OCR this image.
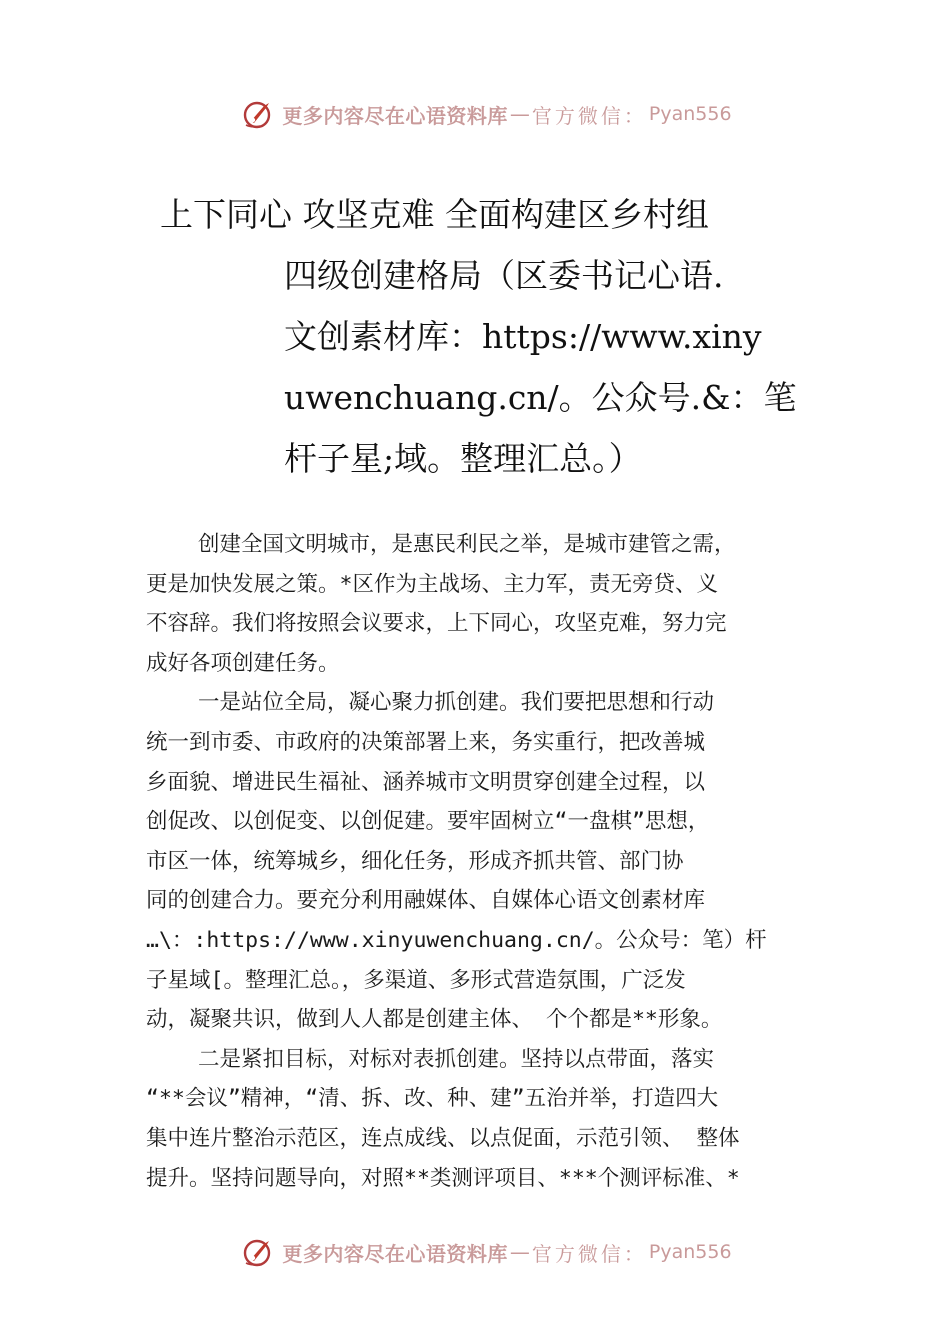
更多内容尽在心语资料库 — 官方微信： Pyan556
上下同心 攻坚克难 全面构建区乡村组
四级创建格局（区委书记心语.
文创素材库：https://www.xiny
uwenchuang.cn/。公众号.&：笔
杆子星;域。整理汇总。）
创建全国文明城市，是惠民利民之举，是城市建管之需，
更是加快发展之策。*区作为主战场、主力军，责无旁贷、义
不容辞。我们将按照会议要求，上下同心，攻坚克难，努力完
成好各项创建任务。
一是站位全局，凝心聚力抓创建。我们要把思想和行动
统一到市委、市政府的决策部署上来，务实重行，把改善城
乡面貌、增进民生福祉、涵养城市文明贯穿创建全过程，以
创促改、以创促变、以创促建。要牢固树立“一盘棋”思想，
市区一体，统筹城乡，细化任务，形成齐抓共管、部门协
同的创建合力。要充分利用融媒体、自媒体心语文创素材库
…\：:https://www.xinyuwenchuang.cn/。公众号：笔）杆
子星域[。整理汇总。，多渠道、多形式营造氛围，广泛发
动，凝聚共识，做到人人都是创建主体、 个个都是**形象。
二是紧扣目标，对标对表抓创建。坚持以点带面，落实
“**会议”精神，“清、拆、改、种、建”五治并举，打造四大
集中连片整治示范区，连点成线、以点促面，示范引领、 整体
提升。坚持问题导向，对照**类测评项目、***个测评标准、*
更多内容尽在心语资料库 — 官方微信： Pyan556
